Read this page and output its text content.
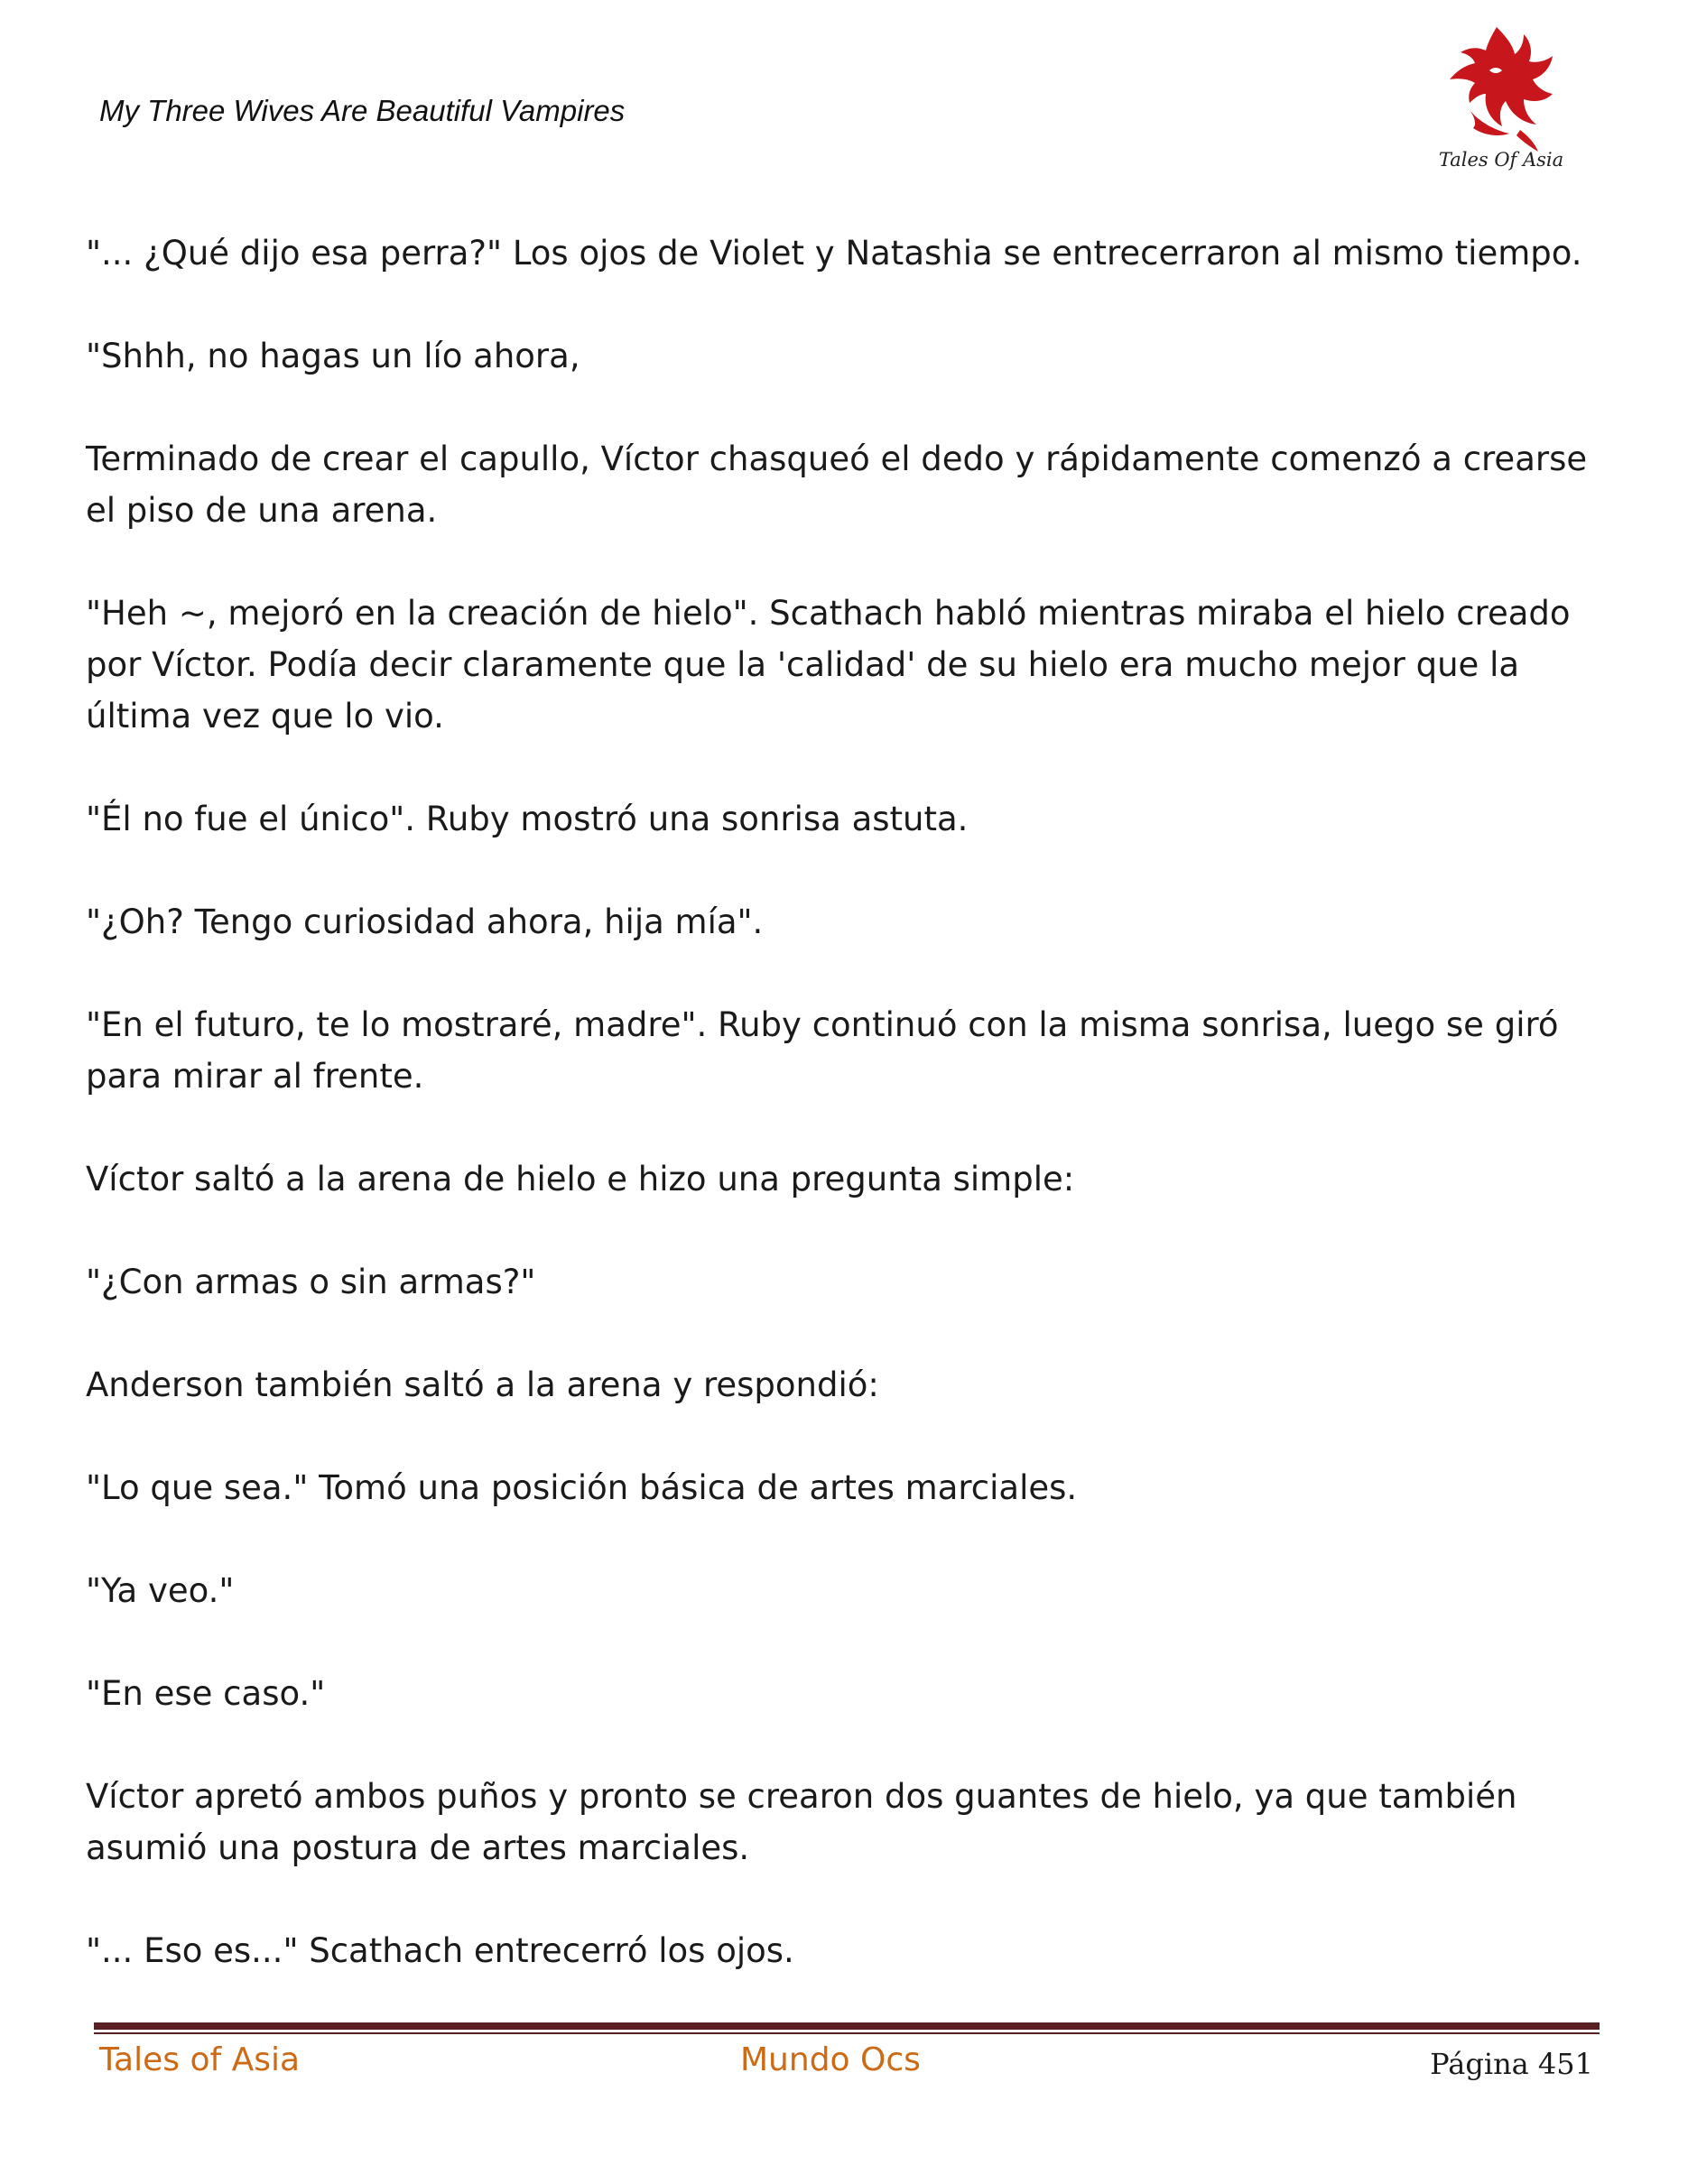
My Three Wives Are Beautiful Vampires
Tales Of Asia

"... ¿Qué dijo esa perra?" Los ojos de Violet y Natashia se entrecerraron al mismo tiempo.

"Shhh, no hagas un lío ahora,

Terminado de crear el capullo, Víctor chasqueó el dedo y rápidamente comenzó a crearse el piso de una arena.

"Heh ~, mejoró en la creación de hielo". Scathach habló mientras miraba el hielo creado por Víctor. Podía decir claramente que la 'calidad' de su hielo era mucho mejor que la última vez que lo vio.

"Él no fue el único". Ruby mostró una sonrisa astuta.

"¿Oh? Tengo curiosidad ahora, hija mía".

"En el futuro, te lo mostraré, madre". Ruby continuó con la misma sonrisa, luego se giró para mirar al frente.

Víctor saltó a la arena de hielo e hizo una pregunta simple:

"¿Con armas o sin armas?"

Anderson también saltó a la arena y respondió:

"Lo que sea." Tomó una posición básica de artes marciales.

"Ya veo."

"En ese caso."

Víctor apretó ambos puños y pronto se crearon dos guantes de hielo, ya que también asumió una postura de artes marciales.

"... Eso es..." Scathach entrecerró los ojos.

Tales of Asia	Mundo Ocs	Página 451
